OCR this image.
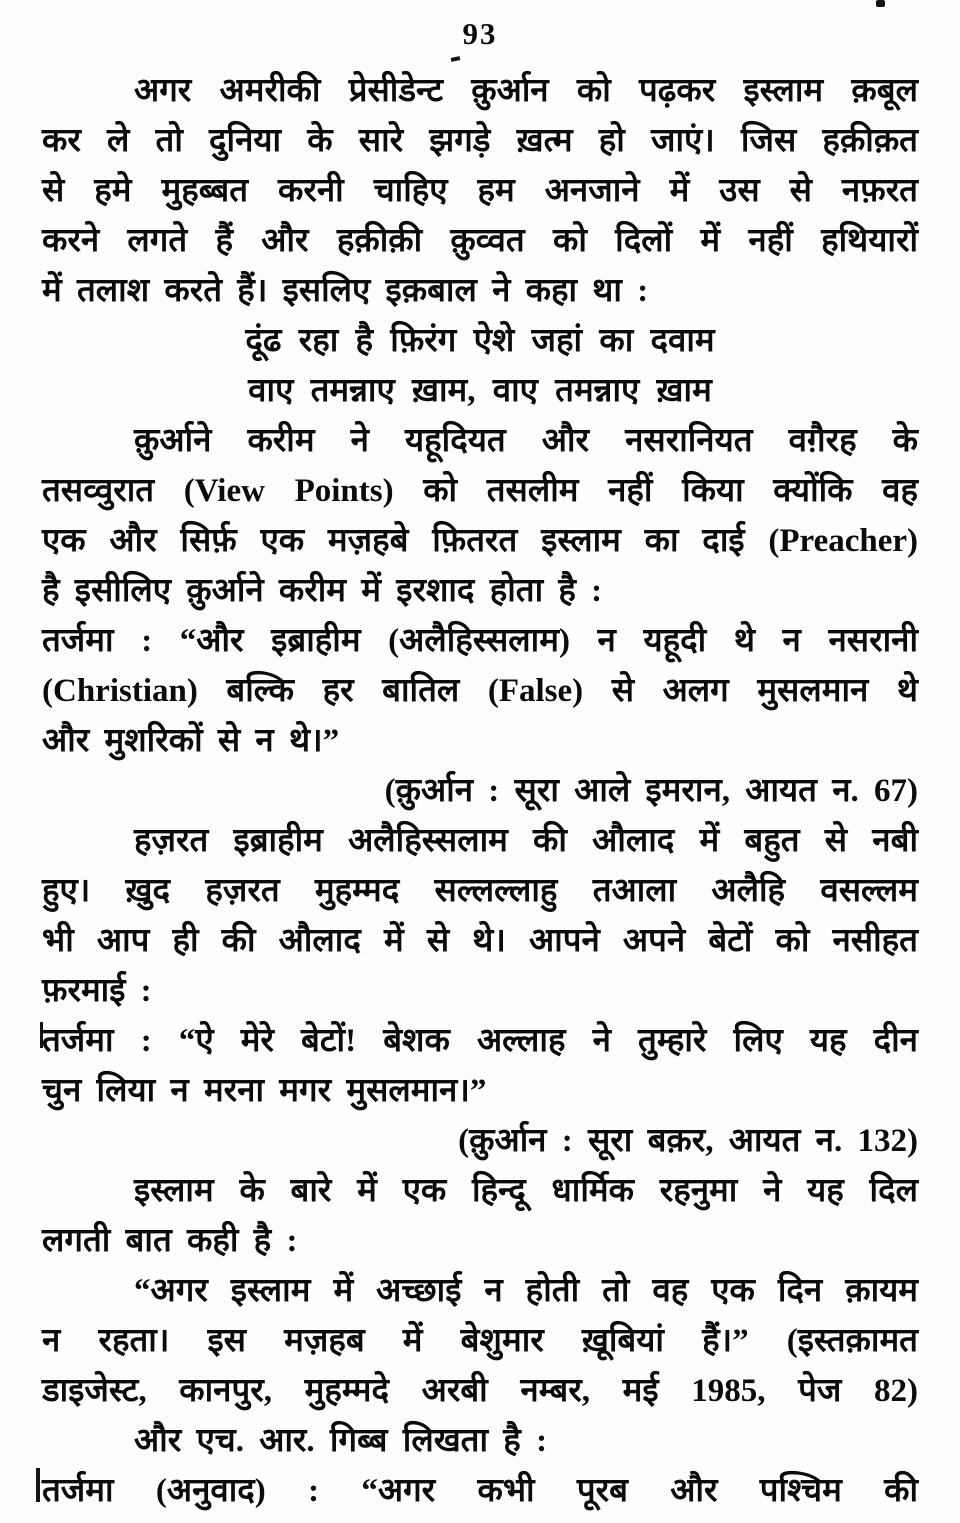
93
अगर अमरीकी प्रेसीडेन्ट क़ुर्आन को पढ़कर इस्लाम क़बूल
कर ले तो दुनिया के सारे झगड़े ख़त्म हो जाएं। जिस हक़ीक़त
से हमे मुहब्बत करनी चाहिए हम अनजाने में उस से नफ़रत
करने लगते हैं और हक़ीक़ी क़ुव्वत को दिलों में नहीं हथियारों
में तलाश करते हैं। इसलिए इक़बाल ने कहा था :
दूंढ रहा है फ़िरंग ऐशे जहां का दवाम
वाए तमन्नाए ख़ाम, वाए तमन्नाए ख़ाम
क़ुर्आने करीम ने यहूदियत और नसरानियत वग़ैरह के
तसव्वुरात (View Points) को तसलीम नहीं किया क्योंकि वह
एक और सिर्फ़ एक मज़हबे फ़ितरत इस्लाम का दाई (Preacher)
है इसीलिए क़ुर्आने करीम में इरशाद होता है :
तर्जमा : “और इब्राहीम (अलैहिस्सलाम) न यहूदी थे न नसरानी
(Christian) बल्कि हर बातिल (False) से अलग मुसलमान थे
और मुशरिकों से न थे।”
(क़ुर्आन : सूरा आले इमरान, आयत न. 67)
हज़रत इब्राहीम अलैहिस्सलाम की औलाद में बहुत से नबी
हुए। ख़ुद हज़रत मुहम्मद सल्लल्लाहु तआला अलैहि वसल्लम
भी आप ही की औलाद में से थे। आपने अपने बेटों को नसीहत
फ़रमाई :
तर्जमा : “ऐ मेरे बेटों! बेशक अल्लाह ने तुम्हारे लिए यह दीन
चुन लिया न मरना मगर मुसलमान।”
(क़ुर्आन : सूरा बक़र, आयत न. 132)
इस्लाम के बारे में एक हिन्दू धार्मिक रहनुमा ने यह दिल
लगती बात कही है :
“अगर इस्लाम में अच्छाई न होती तो वह एक दिन क़ायम
न रहता। इस मज़हब में बेशुमार ख़ूबियां हैं।” (इस्तक़ामत
डाइजेस्ट, कानपुर, मुहम्मदे अरबी नम्बर, मई 1985, पेज 82)
और एच. आर. गिब्ब लिखता है :
तर्जमा (अनुवाद) : “अगर कभी पूरब और पश्चिम की
